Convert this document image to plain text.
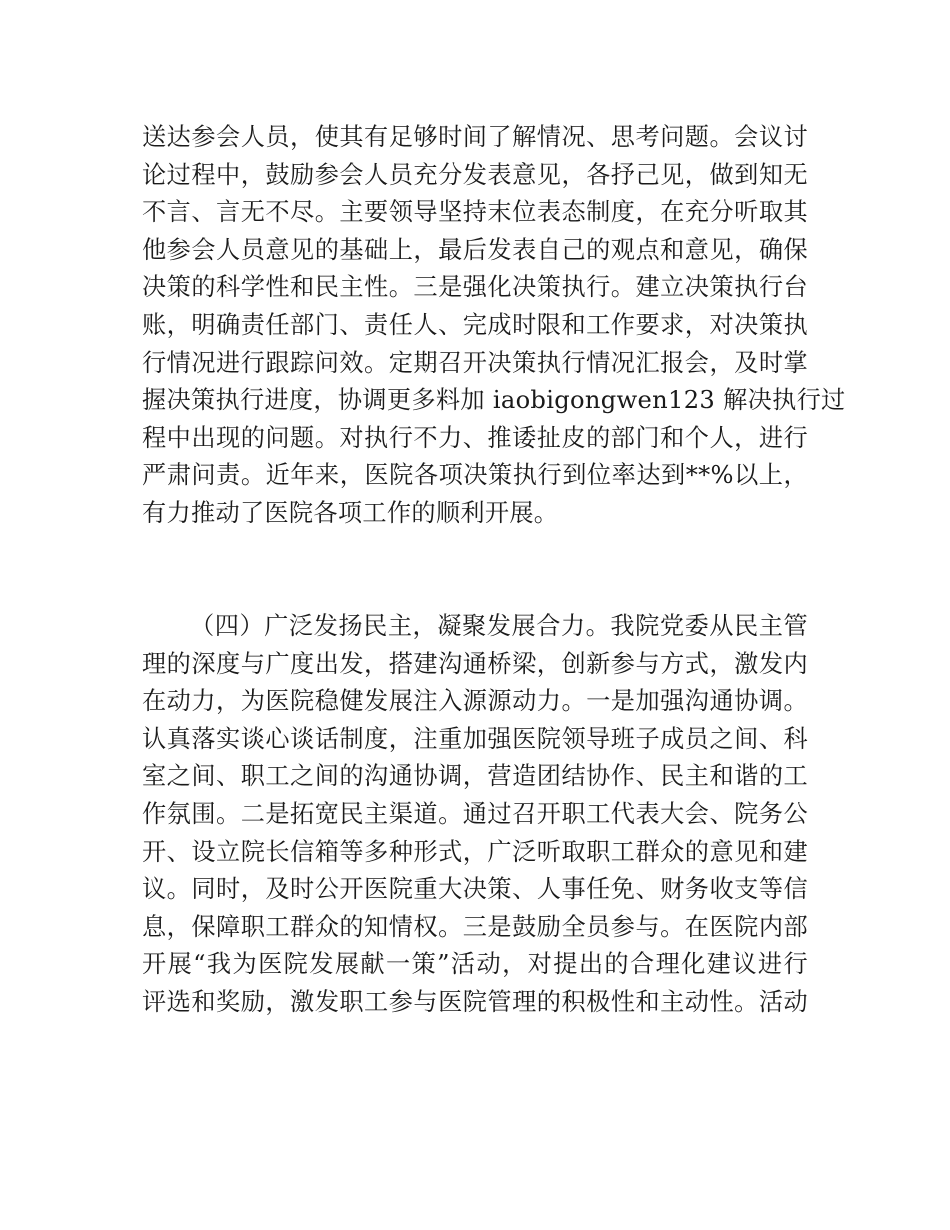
送达参会人员，使其有足够时间了解情况、思考问题。会议讨
论过程中，鼓励参会人员充分发表意见，各抒己见，做到知无
不言、言无不尽。主要领导坚持末位表态制度，在充分听取其
他参会人员意见的基础上，最后发表自己的观点和意见，确保
决策的科学性和民主性。三是强化决策执行。建立决策执行台
账，明确责任部门、责任人、完成时限和工作要求，对决策执
行情况进行跟踪问效。定期召开决策执行情况汇报会，及时掌
握决策执行进度，协调更多料加 iaobigongwen123 解决执行过
程中出现的问题。对执行不力、推诿扯皮的部门和个人，进行
严肃问责。近年来，医院各项决策执行到位率达到**%以上，
有力推动了医院各项工作的顺利开展。
（四）广泛发扬民主，凝聚发展合力。我院党委从民主管
理的深度与广度出发，搭建沟通桥梁，创新参与方式，激发内
在动力，为医院稳健发展注入源源动力。一是加强沟通协调。
认真落实谈心谈话制度，注重加强医院领导班子成员之间、科
室之间、职工之间的沟通协调，营造团结协作、民主和谐的工
作氛围。二是拓宽民主渠道。通过召开职工代表大会、院务公
开、设立院长信箱等多种形式，广泛听取职工群众的意见和建
议。同时，及时公开医院重大决策、人事任免、财务收支等信
息，保障职工群众的知情权。三是鼓励全员参与。在医院内部
开展“我为医院发展献一策”活动，对提出的合理化建议进行
评选和奖励，激发职工参与医院管理的积极性和主动性。活动
